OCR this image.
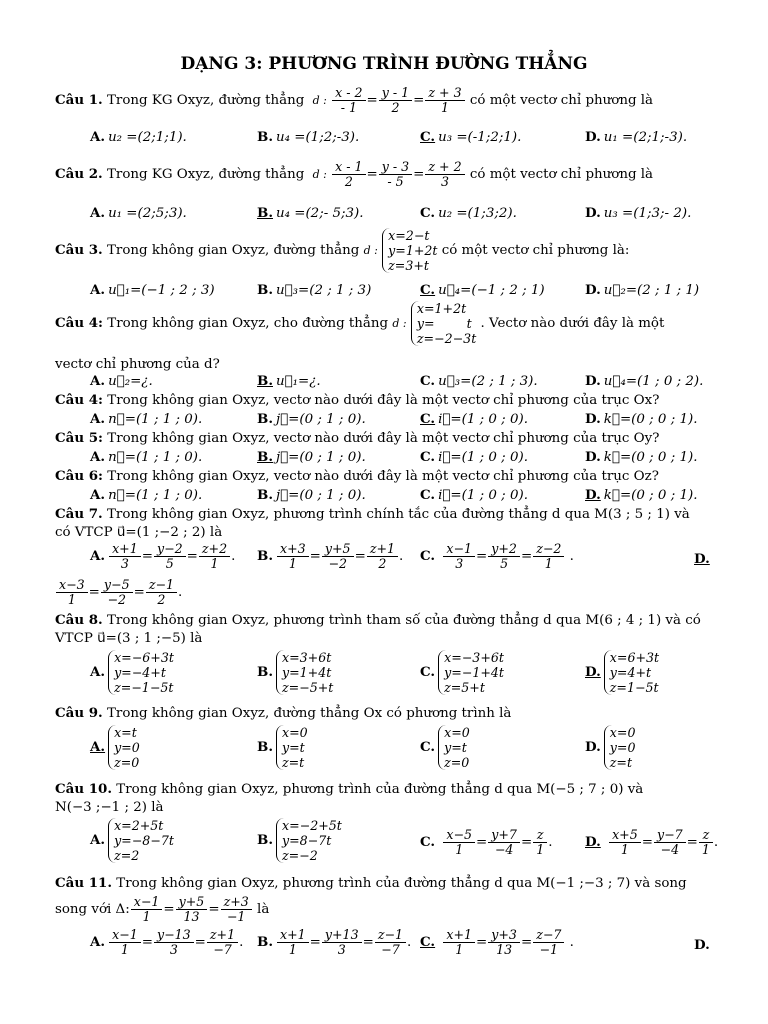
DẠNG 3: PHƯƠNG TRÌNH ĐƯỜNG THẲNG
Câu 1. Trong KG Oxyz, đường thẳng d : $\frac{x - 2}{- 1} = \frac{y - 1}{2} = \frac{z + 3}{1}$ có một vectơ chỉ phương là
A. u₂ =(2;1;1).	B. u₄ =(1;2;-3).	C. u₃ =(-1;2;1).	D. u₁ =(2;1;-3).
Câu 2. Trong KG Oxyz, đường thẳng d : $\frac{x - 1}{2} = \frac{y - 3}{- 5} = \frac{z + 2}{3}$ có một vectơ chỉ phương là
A. u₁ =(2;5;3).	B. u₄ =(2;- 5;3).	C. u₂ =(1;3;2).	D. u₃ =(1;3;- 2).
Câu 3. Trong không gian Oxyz, đường thẳng d :
x=2−t
y=1+2t
z=3+t
có một vectơ chỉ phương là:
A. u⃗₁=(−1 ; 2 ; 3)	B. u⃗₃=(2 ; 1 ; 3)	C. u⃗₄=(−1 ; 2 ; 1)	D. u⃗₂=(2 ; 1 ; 1)
Câu 4: Trong không gian Oxyz, cho đường thẳng d :
x=1+2t
y=        t
z=−2−3t
. Vectơ nào dưới đây là một
vectơ chỉ phương của d?
A. u⃗₂=¿.	B. u⃗₁=¿.	C. u⃗₃=(2 ; 1 ; 3).	D. u⃗₄=(1 ; 0 ; 2).
Câu 4: Trong không gian Oxyz, vectơ nào dưới đây là một vectơ chỉ phương của trục Ox?
A. n⃗=(1 ; 1 ; 0).	B. j⃗=(0 ; 1 ; 0).	C. i⃗=(1 ; 0 ; 0).	D. k⃗=(0 ; 0 ; 1).
Câu 5: Trong không gian Oxyz, vectơ nào dưới đây là một vectơ chỉ phương của trục Oy?
A. n⃗=(1 ; 1 ; 0).	B. j⃗=(0 ; 1 ; 0).	C. i⃗=(1 ; 0 ; 0).	D. k⃗=(0 ; 0 ; 1).
Câu 6: Trong không gian Oxyz, vectơ nào dưới đây là một vectơ chỉ phương của trục Oz?
A. n⃗=(1 ; 1 ; 0).	B. j⃗=(0 ; 1 ; 0).	C. i⃗=(1 ; 0 ; 0).	D. k⃗=(0 ; 0 ; 1).
Câu 7. Trong không gian Oxyz, phương trình chính tắc của đường thẳng d qua M(3 ; 5 ; 1) và
có VTCP u⃗=(1 ;−2 ; 2) là
A. $\frac{x+1}{3} = \frac{y-2}{5} = \frac{z+2}{1}$ . B. $\frac{x+3}{1} = \frac{y+5}{-2} = \frac{z+1}{2}$ . C. $\frac{x-1}{3} = \frac{y+2}{5} = \frac{z-2}{1}$ .	D.
$\frac{x-3}{1} = \frac{y-5}{-2} = \frac{z-1}{2}$ .
Câu 8. Trong không gian Oxyz, phương trình tham số của đường thẳng d qua M(6 ; 4 ; 1) và có
VTCP u⃗=(3 ; 1 ;−5) là
A.
x=−6+3t
y=−4+t
z=−1−5t
B.
x=3+6t
y=1+4t
z=−5+t
C.
x=−3+6t
y=−1+4t
z=5+t
D.
x=6+3t
y=4+t
z=1−5t
Câu 9. Trong không gian Oxyz, đường thẳng Ox có phương trình là
A.
x=t
y=0
z=0
B.
x=0
y=t
z=t
C.
x=0
y=t
z=0
D.
x=0
y=0
z=t
Câu 10. Trong không gian Oxyz, phương trình của đường thẳng d qua M(−5 ; 7 ; 0) và
N(−3 ;−1 ; 2) là
A.
x=2+5t
y=−8−7t
z=2
B.
x=−2+5t
y=8−7t
z=−2
C. $\frac{x-5}{1} = \frac{y+7}{-4} = \frac{z}{1}$ . D. $\frac{x+5}{1} = \frac{y-7}{-4} = \frac{z}{1}$ .
Câu 11. Trong không gian Oxyz, phương trình của đường thẳng d qua M(−1 ;−3 ; 7) và song
song với Δ: $\frac{x-1}{1} = \frac{y+5}{13} = \frac{z+3}{-1}$ là
A. $\frac{x-1}{1} = \frac{y-13}{3} = \frac{z+1}{-7}$ . B. $\frac{x+1}{1} = \frac{y+13}{3} = \frac{z-1}{-7}$ . C. $\frac{x+1}{1} = \frac{y+3}{13} = \frac{z-7}{-1}$ .	D.
